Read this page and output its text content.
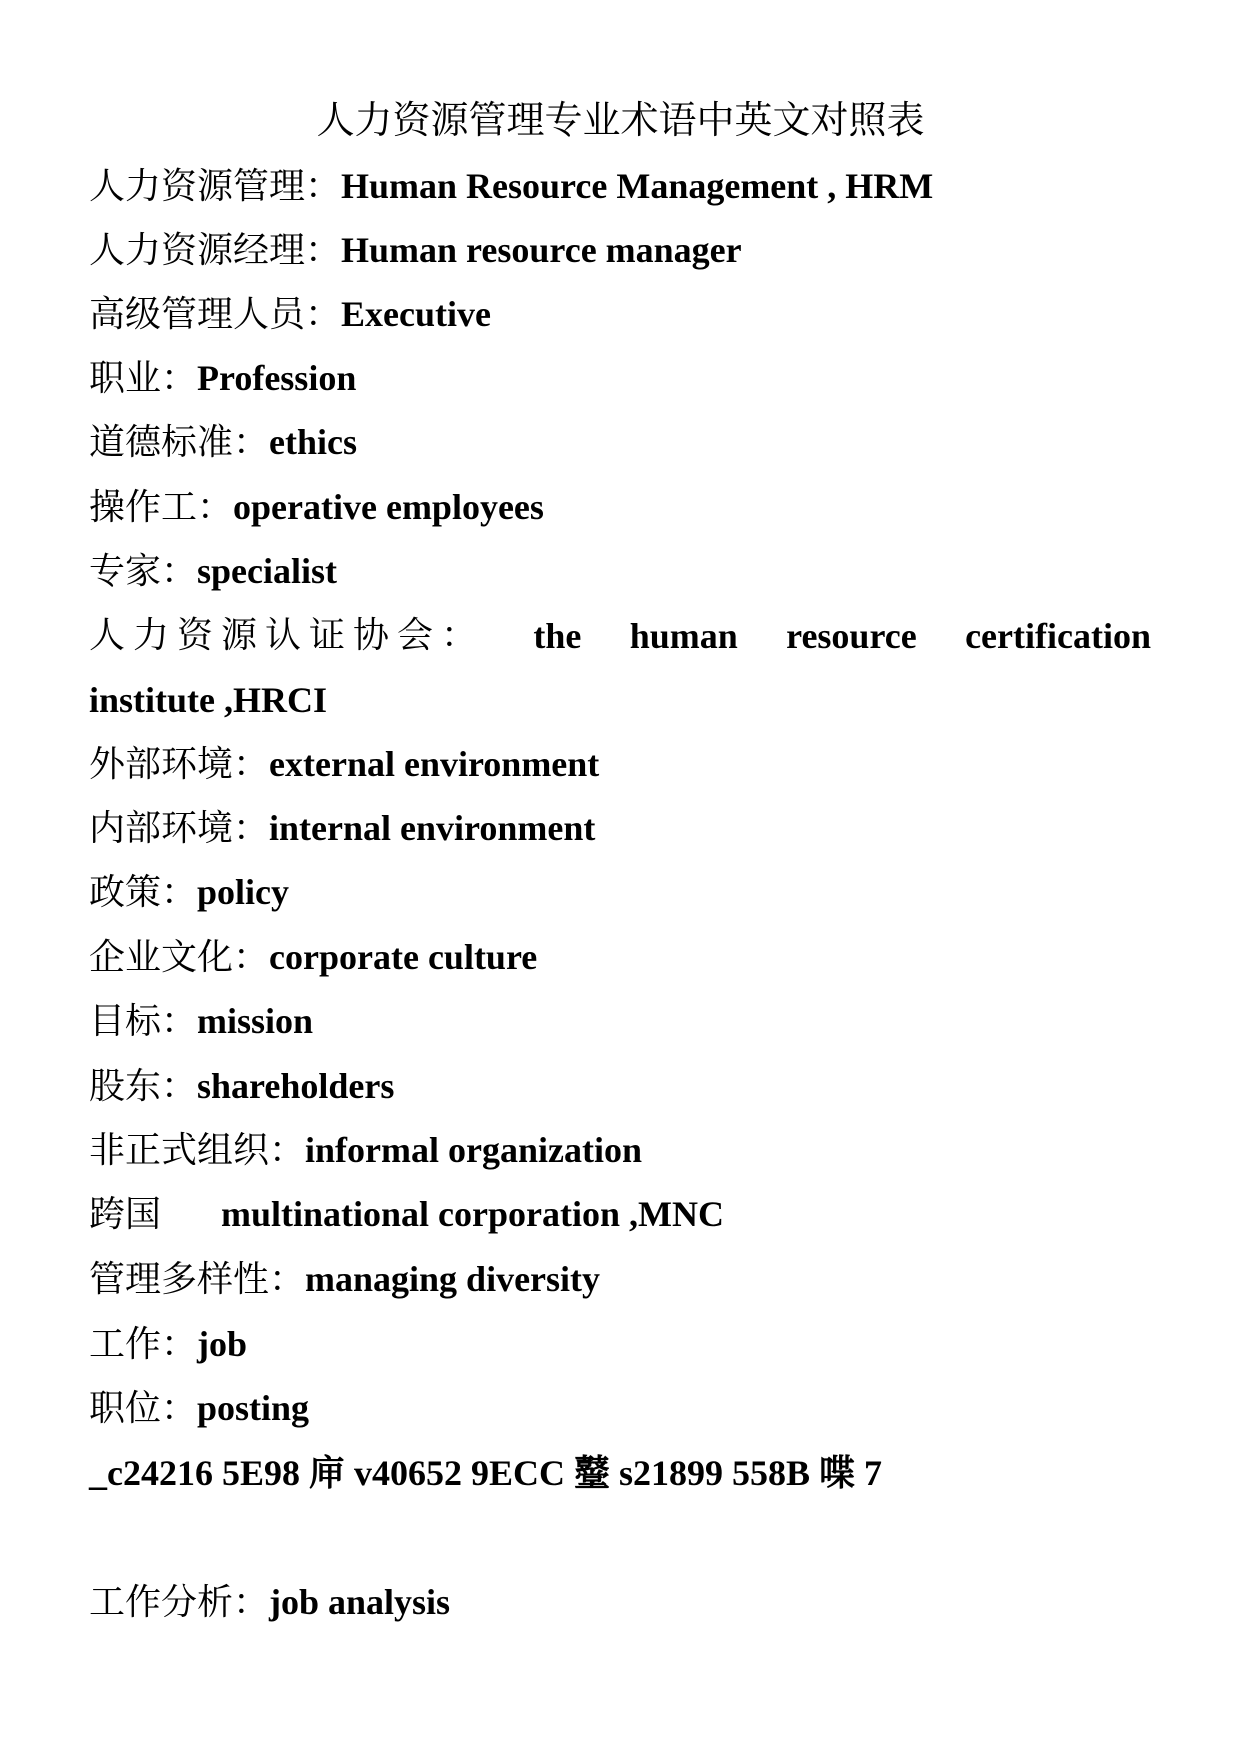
人力资源管理专业术语中英文对照表
人力资源管理：Human Resource Management , HRM
人力资源经理：Human resource manager
高级管理人员：Executive
职业：Profession
道德标准：ethics
操作工：operative employees
专家：specialist
人力资源认证协会： the human resource certification
institute ,HRCI
外部环境：external environment
内部环境：internal environment
政策：policy
企业文化：corporate culture
目标：mission
股东：shareholders
非正式组织：informal organization
跨国 multinational corporation ,MNC
管理多样性：managing diversity
工作：job
职位：posting
_c24216 5E98 庘 v40652 9ECC 鼞 s21899 558B 喋 7
工作分析：job analysis
